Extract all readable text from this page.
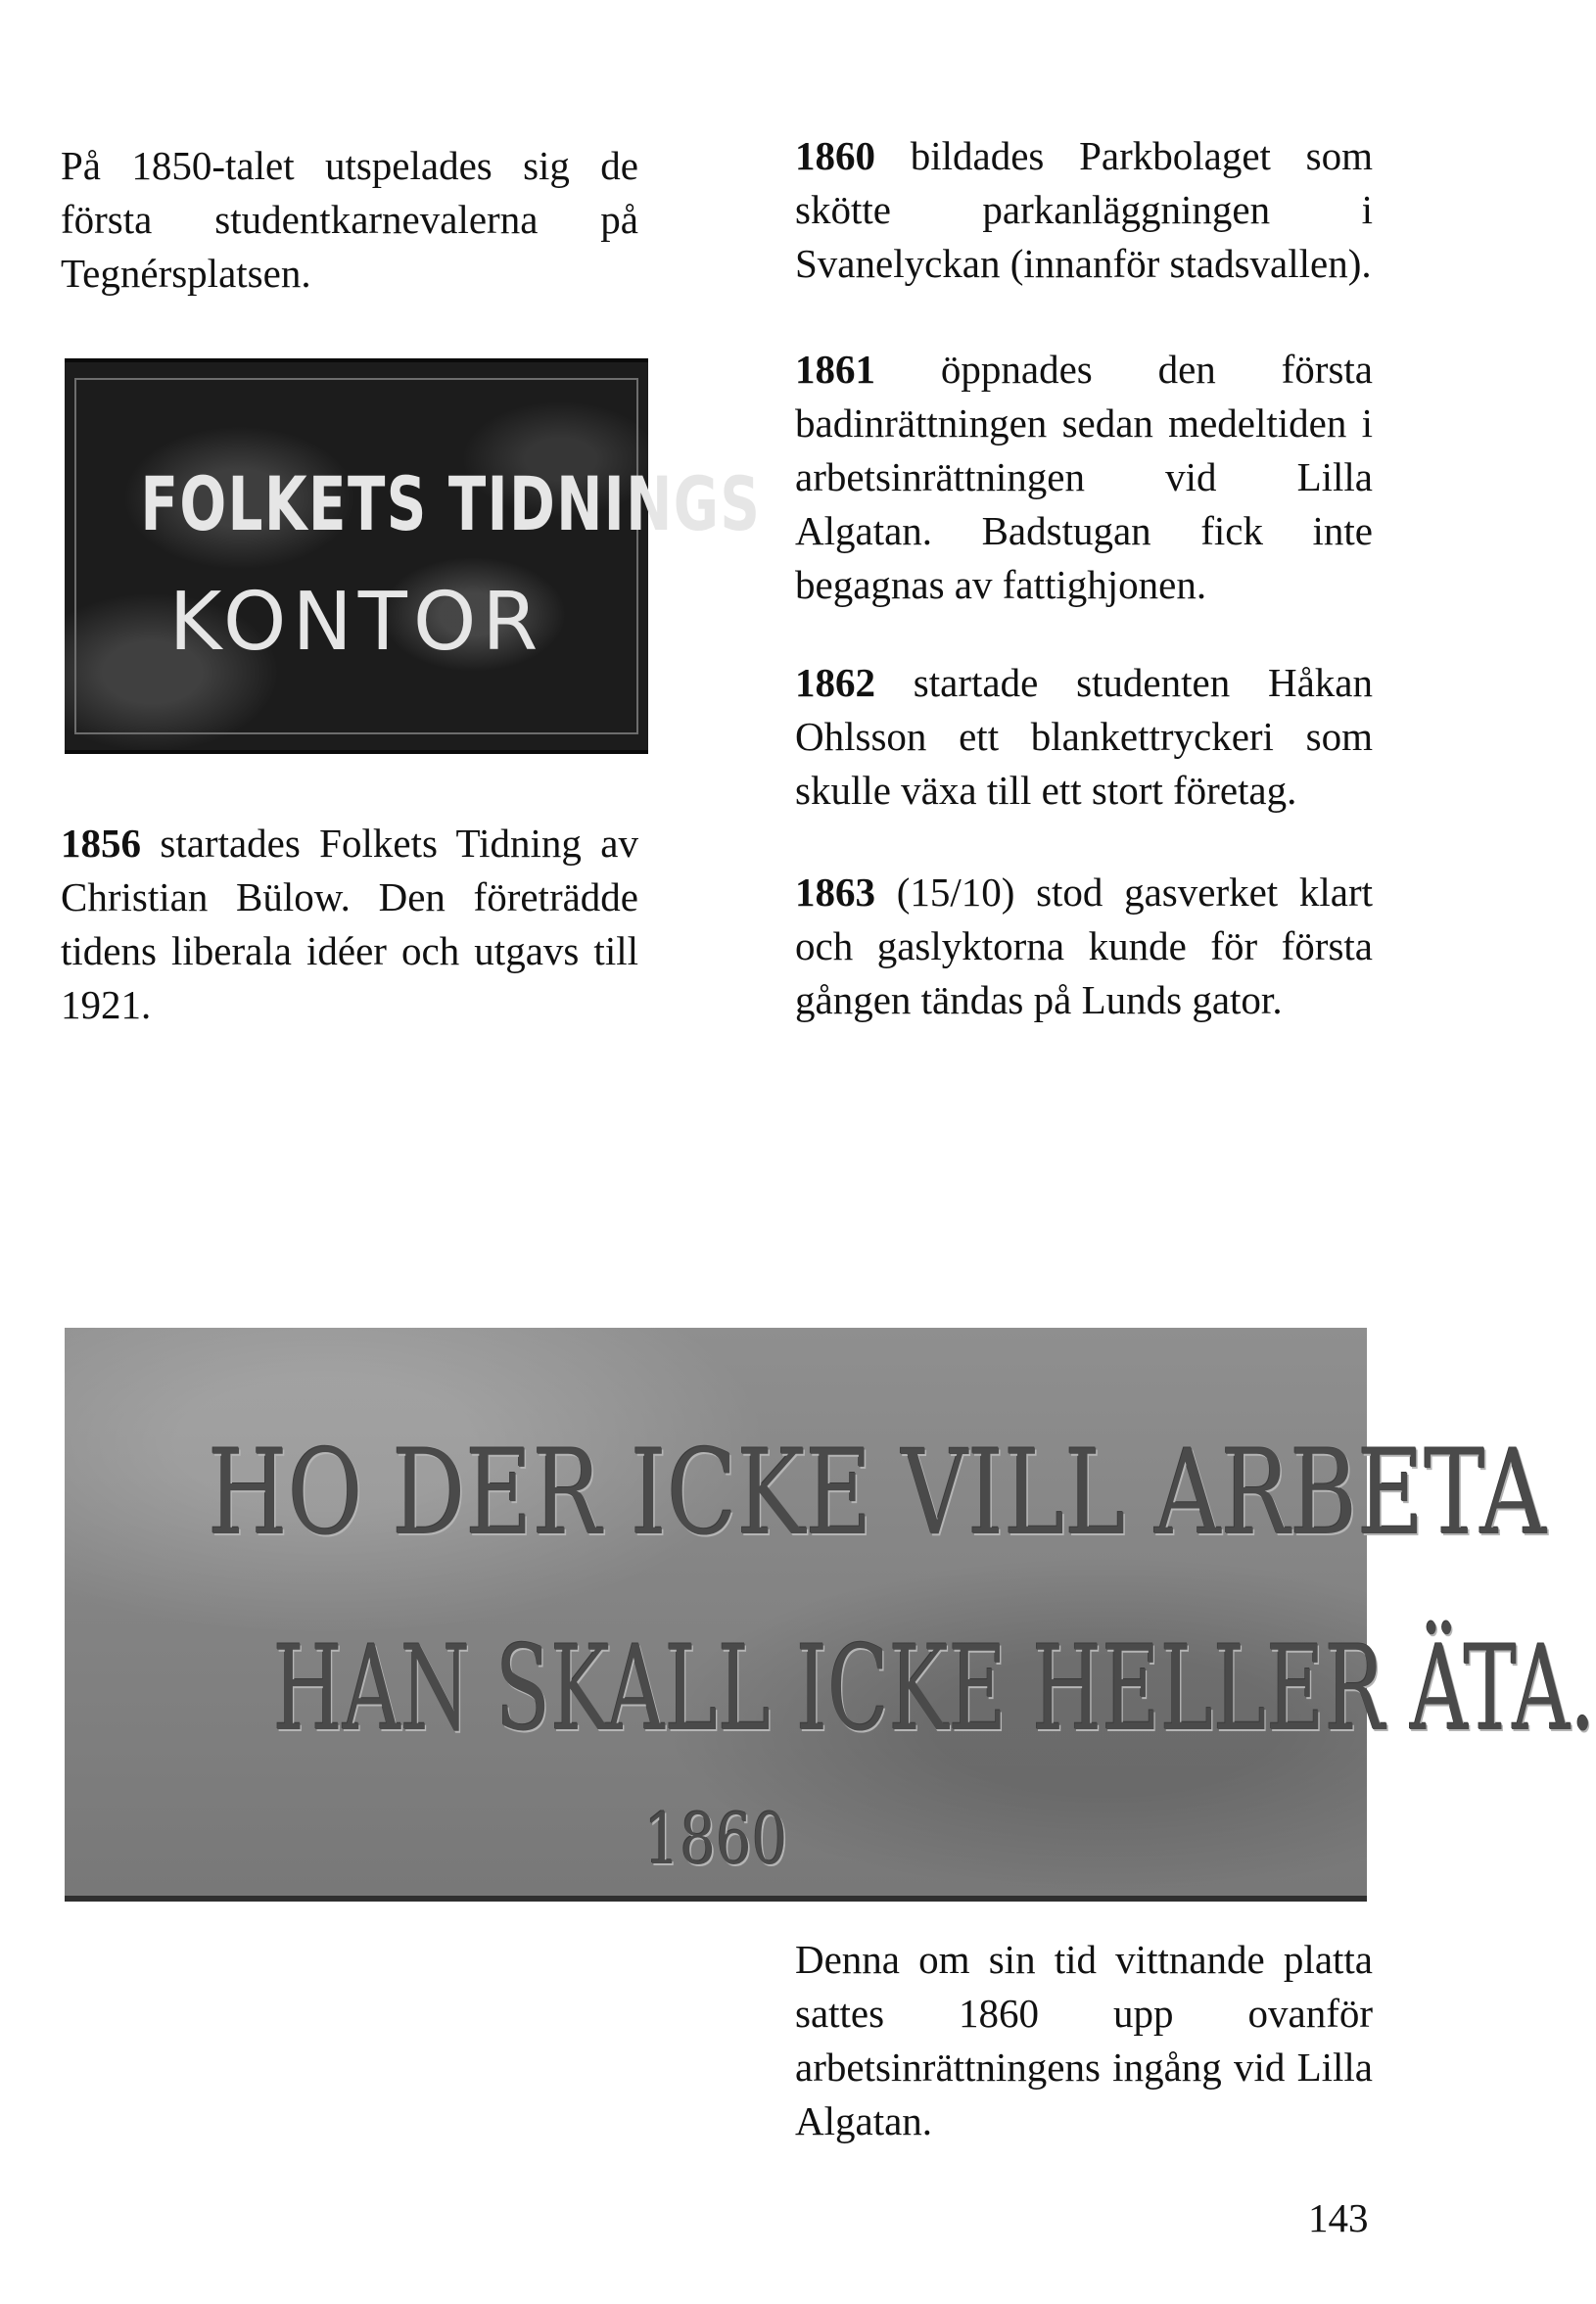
På 1850-talet utspelades sig de första studentkarnevalerna på Tegnérsplatsen.

FOLKETS TIDNINGS
KONTOR

1856 startades Folkets Tidning av Christian Bülow. Den företrädde tidens liberala idéer och utgavs till 1921.

1860 bildades Parkbolaget som skötte parkanläggningen i Svanelyckan (innanför stadsvallen).

1861 öppnades den första badinrättningen sedan medeltiden i arbetsinrättningen vid Lilla Algatan. Badstugan fick inte begagnas av fattighjonen.

1862 startade studenten Håkan Ohlsson ett blankettryckeri som skulle växa till ett stort företag.

1863 (15/10) stod gasverket klart och gaslyktorna kunde för första gången tändas på Lunds gator.

HO DER ICKE VILL ARBETA
HAN SKALL ICKE HELLER ÄTA.
1860

Denna om sin tid vittnande platta sattes 1860 upp ovanför arbetsinrättningens ingång vid Lilla Algatan.

143
